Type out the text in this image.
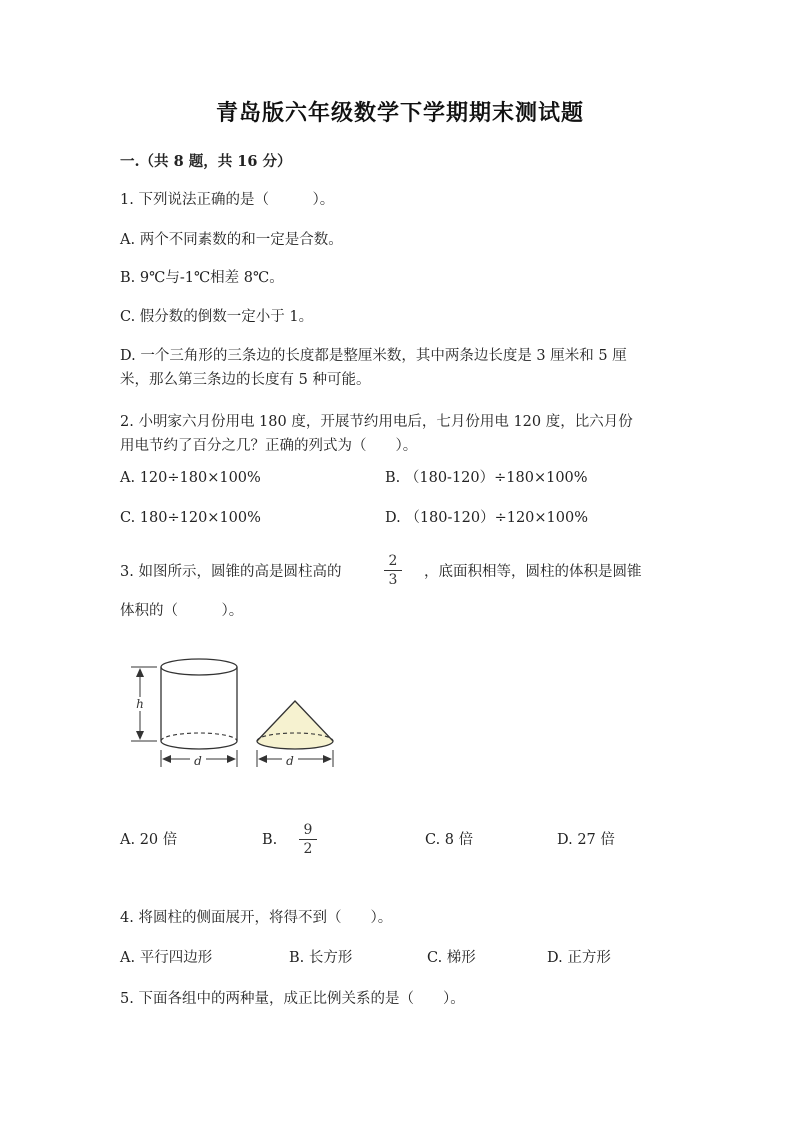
青岛版六年级数学下学期期末测试题
一.（共 8 题，共 16 分）
1. 下列说法正确的是（　　　）。
A. 两个不同素数的和一定是合数。
B. 9℃与-1℃相差 8℃。
C. 假分数的倒数一定小于 1。
D. 一个三角形的三条边的长度都是整厘米数，其中两条边长度是 3 厘米和 5 厘
米，那么第三条边的长度有 5 种可能。
2. 小明家六月份用电 180 度，开展节约用电后，七月份用电 120 度，比六月份
用电节约了百分之几？正确的列式为（　　）。
A. 120÷180×100%	B. （180-120）÷180×100%
C. 180÷120×100%	D. （180-120）÷120×100%
3. 如图所示，圆锥的高是圆柱高的
2
3	，底面积相等，圆柱的体积是圆锥
体积的（　　　）。
h
d	d
A. 20 倍	B.
9
2
C. 8 倍	D. 27 倍
4. 将圆柱的侧面展开，将得不到（　　）。
A. 平行四边形	B. 长方形	C. 梯形	D. 正方形
5. 下面各组中的两种量，成正比例关系的是（　　）。
